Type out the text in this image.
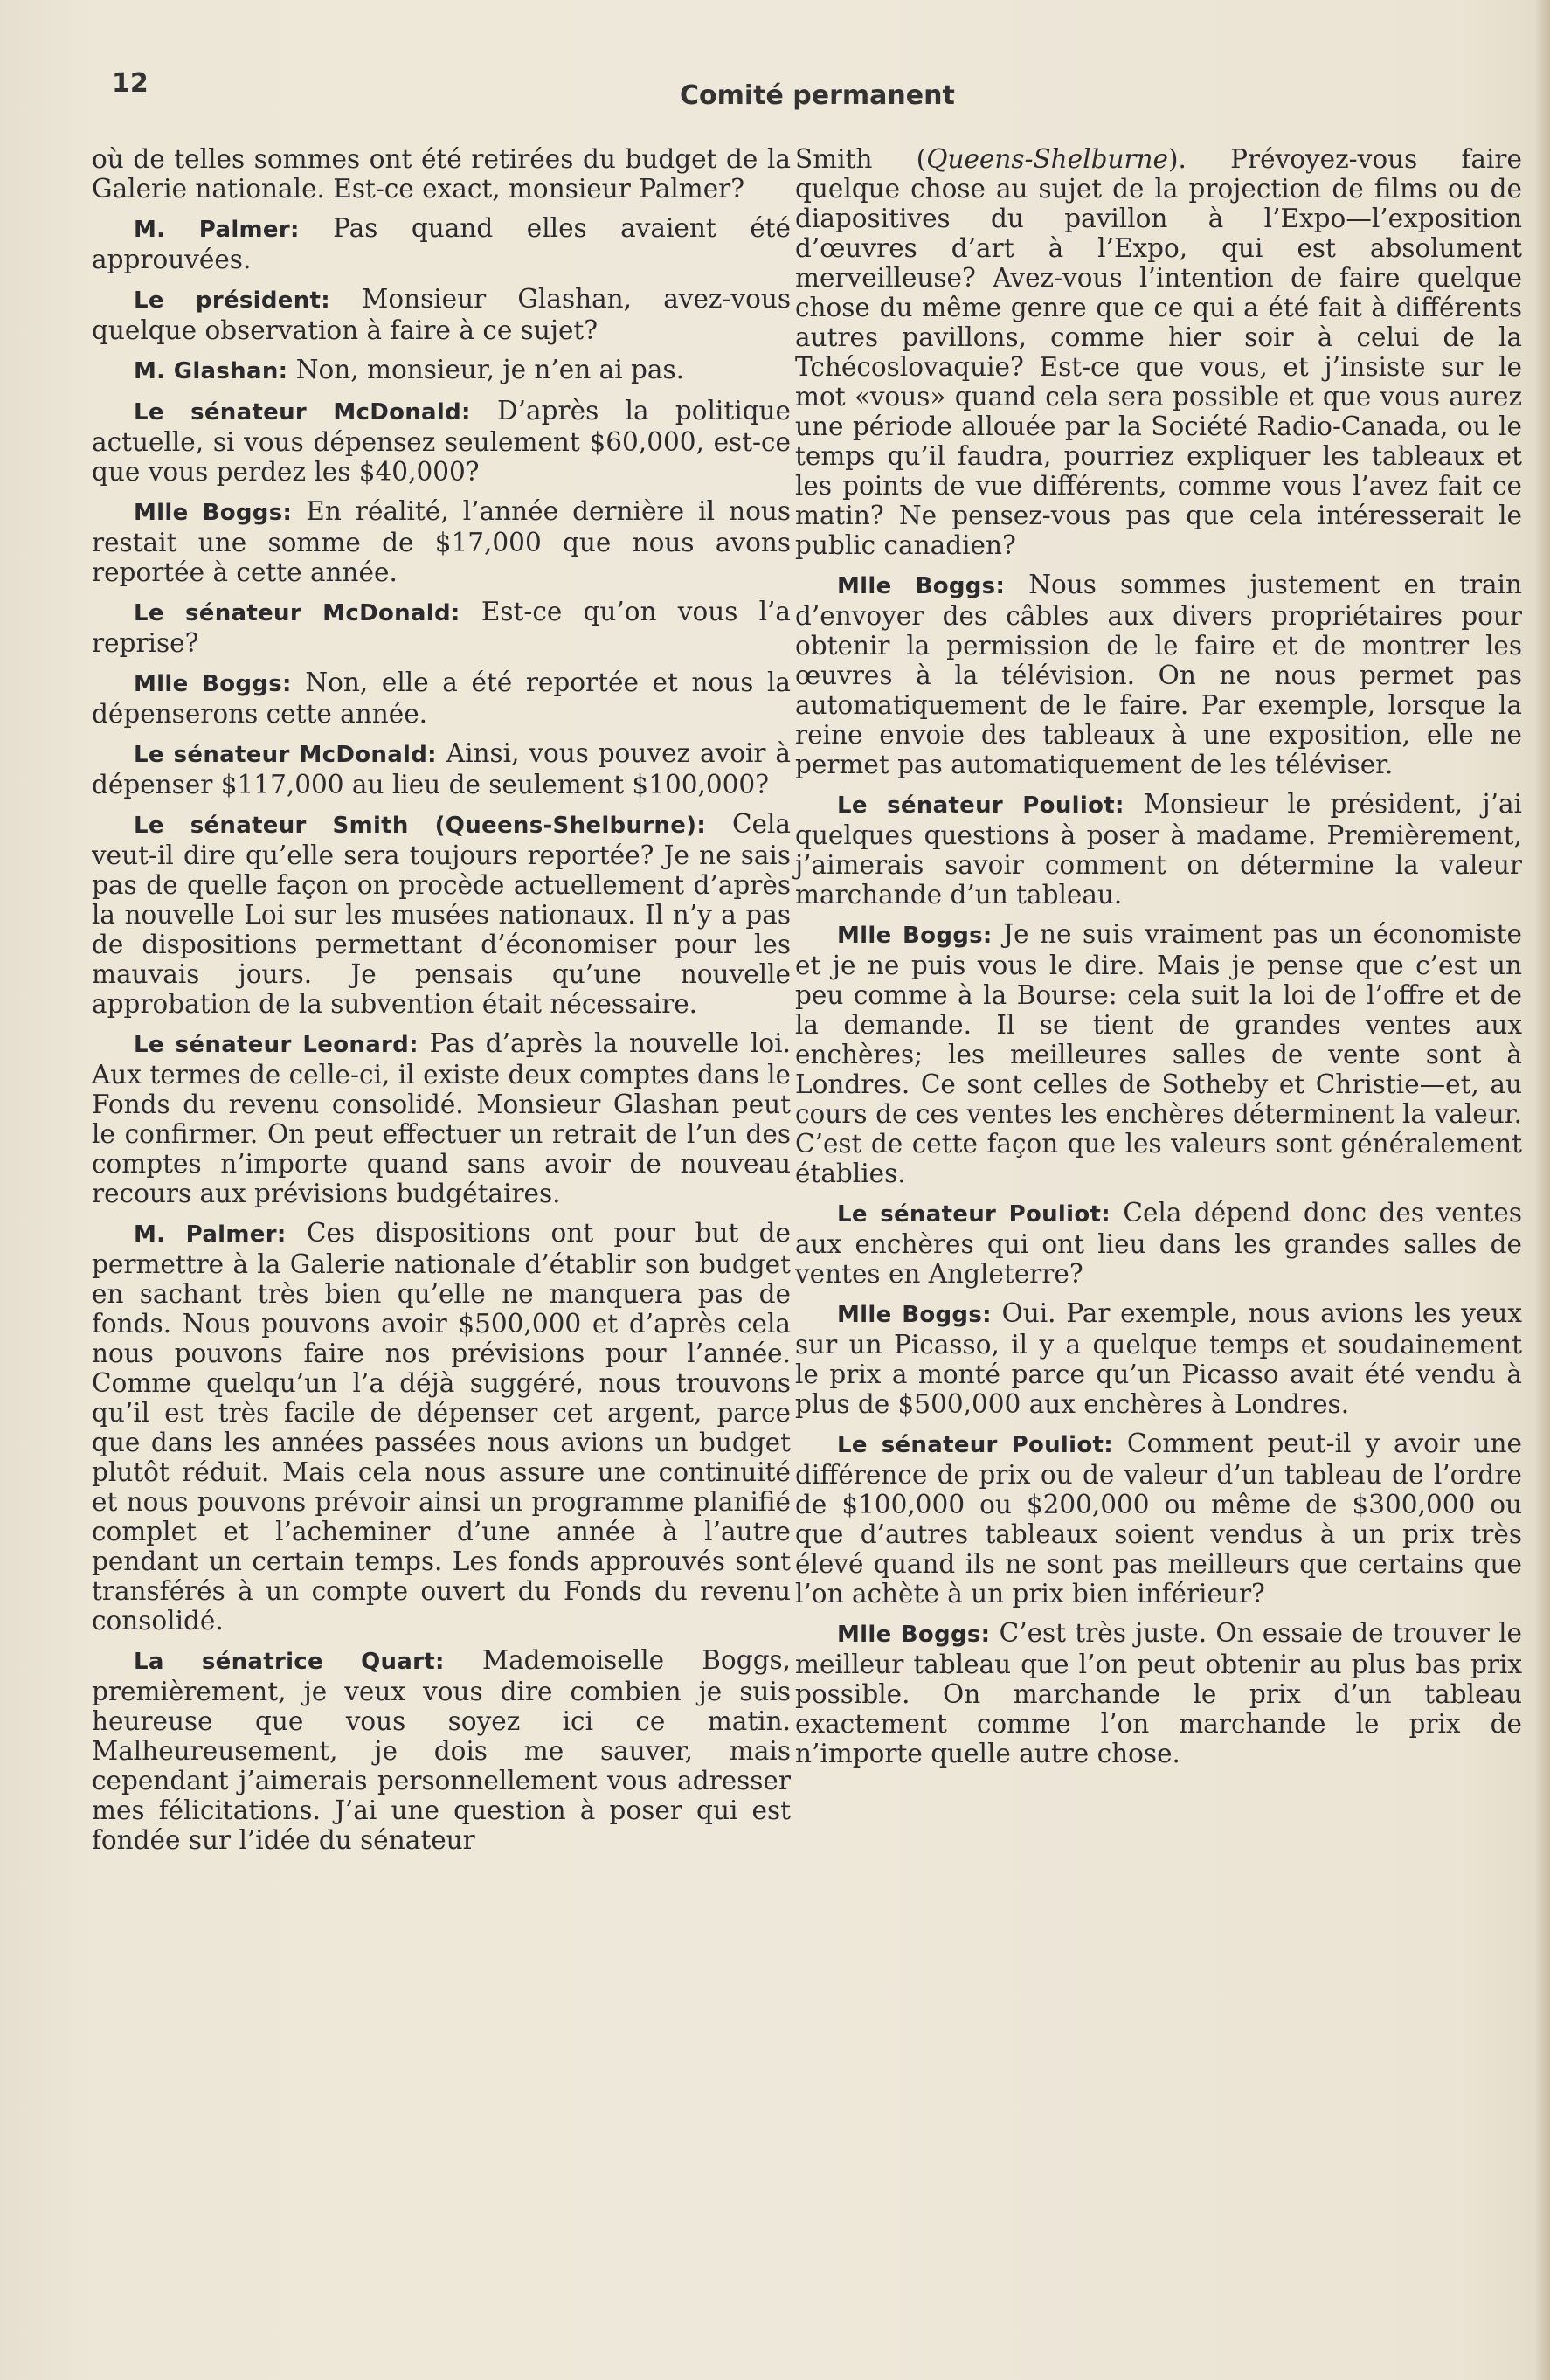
12	Comité permanent

où de telles sommes ont été retirées du budget de la Galerie nationale. Est-ce exact, monsieur Palmer?

M. Palmer: Pas quand elles avaient été approuvées.

Le président: Monsieur Glashan, avez-vous quelque observation à faire à ce sujet?

M. Glashan: Non, monsieur, je n’en ai pas.

Le sénateur McDonald: D’après la politique actuelle, si vous dépensez seulement $60,000, est-ce que vous perdez les $40,000?

Mlle Boggs: En réalité, l’année dernière il nous restait une somme de $17,000 que nous avons reportée à cette année.

Le sénateur McDonald: Est-ce qu’on vous l’a reprise?

Mlle Boggs: Non, elle a été reportée et nous la dépenserons cette année.

Le sénateur McDonald: Ainsi, vous pouvez avoir à dépenser $117,000 au lieu de seulement $100,000?

Le sénateur Smith (Queens-Shelburne): Cela veut-il dire qu’elle sera toujours reportée? Je ne sais pas de quelle façon on procède actuellement d’après la nouvelle Loi sur les musées nationaux. Il n’y a pas de dispositions permettant d’économiser pour les mauvais jours. Je pensais qu’une nouvelle approbation de la subvention était nécessaire.

Le sénateur Leonard: Pas d’après la nouvelle loi. Aux termes de celle-ci, il existe deux comptes dans le Fonds du revenu consolidé. Monsieur Glashan peut le confirmer. On peut effectuer un retrait de l’un des comptes n’importe quand sans avoir de nouveau recours aux prévisions budgétaires.

M. Palmer: Ces dispositions ont pour but de permettre à la Galerie nationale d’établir son budget en sachant très bien qu’elle ne manquera pas de fonds. Nous pouvons avoir $500,000 et d’après cela nous pouvons faire nos prévisions pour l’année. Comme quelqu’un l’a déjà suggéré, nous trouvons qu’il est très facile de dépenser cet argent, parce que dans les années passées nous avions un budget plutôt réduit. Mais cela nous assure une continuité et nous pouvons prévoir ainsi un programme planifié complet et l’acheminer d’une année à l’autre pendant un certain temps. Les fonds approuvés sont transférés à un compte ouvert du Fonds du revenu consolidé.

La sénatrice Quart: Mademoiselle Boggs, premièrement, je veux vous dire combien je suis heureuse que vous soyez ici ce matin. Malheureusement, je dois me sauver, mais cependant j’aimerais personnellement vous adresser mes félicitations. J’ai une question à poser qui est fondée sur l’idée du sénateur

Smith (Queens-Shelburne). Prévoyez-vous faire quelque chose au sujet de la projection de films ou de diapositives du pavillon à l’Expo—l’exposition d’œuvres d’art à l’Expo, qui est absolument merveilleuse? Avez-vous l’intention de faire quelque chose du même genre que ce qui a été fait à différents autres pavillons, comme hier soir à celui de la Tchécoslovaquie? Est-ce que vous, et j’insiste sur le mot «vous» quand cela sera possible et que vous aurez une période allouée par la Société Radio-Canada, ou le temps qu’il faudra, pourriez expliquer les tableaux et les points de vue différents, comme vous l’avez fait ce matin? Ne pensez-vous pas que cela intéresserait le public canadien?

Mlle Boggs: Nous sommes justement en train d’envoyer des câbles aux divers propriétaires pour obtenir la permission de le faire et de montrer les œuvres à la télévision. On ne nous permet pas automatiquement de le faire. Par exemple, lorsque la reine envoie des tableaux à une exposition, elle ne permet pas automatiquement de les téléviser.

Le sénateur Pouliot: Monsieur le président, j’ai quelques questions à poser à madame. Premièrement, j’aimerais savoir comment on détermine la valeur marchande d’un tableau.

Mlle Boggs: Je ne suis vraiment pas un économiste et je ne puis vous le dire. Mais je pense que c’est un peu comme à la Bourse: cela suit la loi de l’offre et de la demande. Il se tient de grandes ventes aux enchères; les meilleures salles de vente sont à Londres. Ce sont celles de Sotheby et Christie—et, au cours de ces ventes les enchères déterminent la valeur. C’est de cette façon que les valeurs sont généralement établies.

Le sénateur Pouliot: Cela dépend donc des ventes aux enchères qui ont lieu dans les grandes salles de ventes en Angleterre?

Mlle Boggs: Oui. Par exemple, nous avions les yeux sur un Picasso, il y a quelque temps et soudainement le prix a monté parce qu’un Picasso avait été vendu à plus de $500,000 aux enchères à Londres.

Le sénateur Pouliot: Comment peut-il y avoir une différence de prix ou de valeur d’un tableau de l’ordre de $100,000 ou $200,000 ou même de $300,000 ou que d’autres tableaux soient vendus à un prix très élevé quand ils ne sont pas meilleurs que certains que l’on achète à un prix bien inférieur?

Mlle Boggs: C’est très juste. On essaie de trouver le meilleur tableau que l’on peut obtenir au plus bas prix possible. On marchande le prix d’un tableau exactement comme l’on marchande le prix de n’importe quelle autre chose.
